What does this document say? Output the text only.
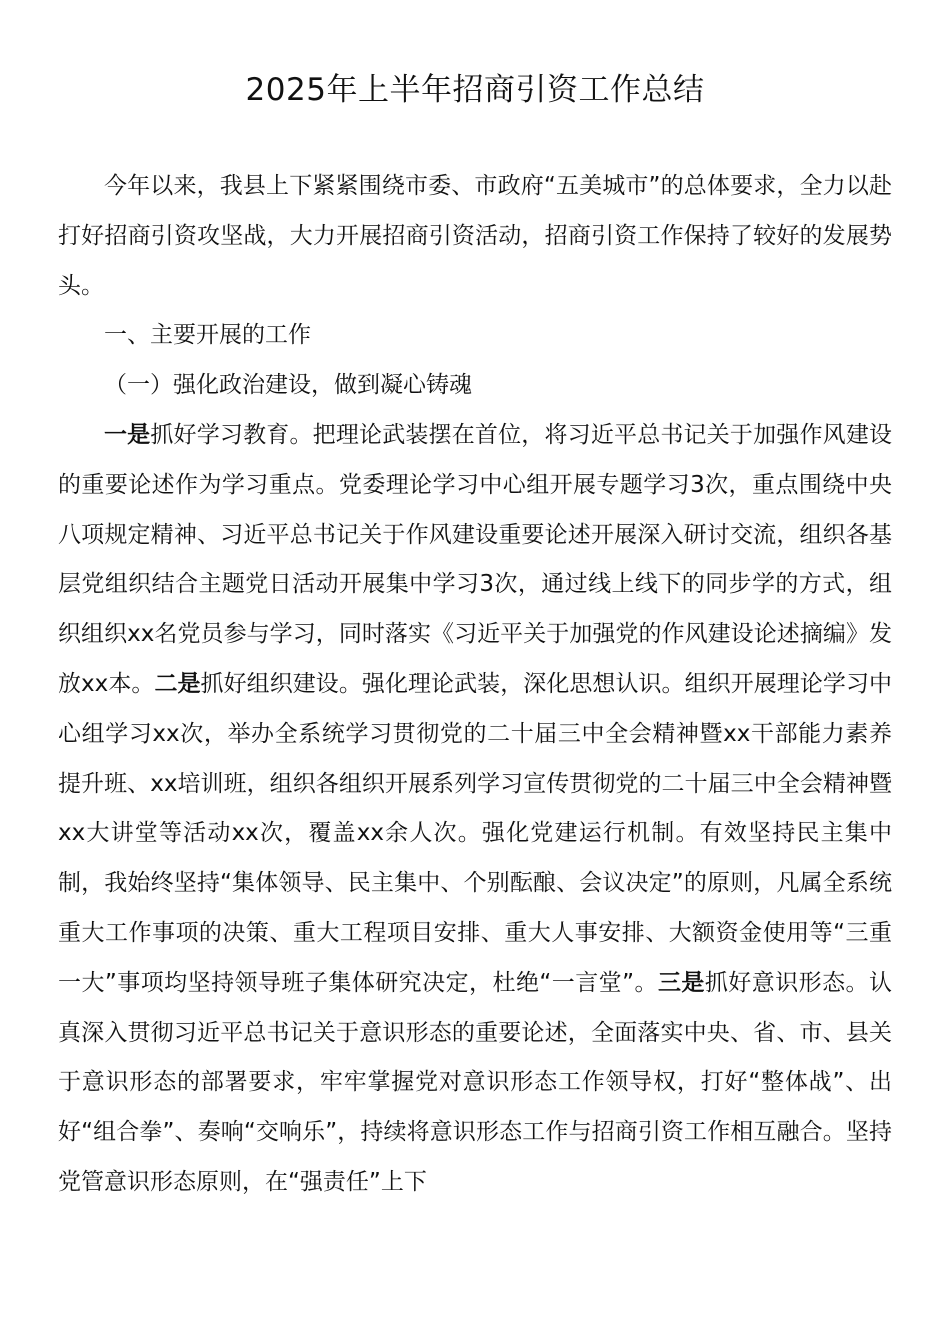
2025年上半年招商引资工作总结

今年以来，我县上下紧紧围绕市委、市政府“五美城市”的总体要求，全力以赴打好招商引资攻坚战，大力开展招商引资活动，招商引资工作保持了较好的发展势头。

一、主要开展的工作

（一）强化政治建设，做到凝心铸魂

一是抓好学习教育。把理论武装摆在首位，将习近平总书记关于加强作风建设的重要论述作为学习重点。党委理论学习中心组开展专题学习3次，重点围绕中央八项规定精神、习近平总书记关于作风建设重要论述开展深入研讨交流，组织各基层党组织结合主题党日活动开展集中学习3次，通过线上线下的同步学的方式，组织组织xx名党员参与学习，同时落实《习近平关于加强党的作风建设论述摘编》发放xx本。二是抓好组织建设。强化理论武装，深化思想认识。组织开展理论学习中心组学习xx次，举办全系统学习贯彻党的二十届三中全会精神暨xx干部能力素养提升班、xx培训班，组织各组织开展系列学习宣传贯彻党的二十届三中全会精神暨xx大讲堂等活动xx次，覆盖xx余人次。强化党建运行机制。有效坚持民主集中制，我始终坚持“集体领导、民主集中、个别酝酿、会议决定”的原则，凡属全系统重大工作事项的决策、重大工程项目安排、重大人事安排、大额资金使用等“三重一大”事项均坚持领导班子集体研究决定，杜绝“一言堂”。三是抓好意识形态。认真深入贯彻习近平总书记关于意识形态的重要论述，全面落实中央、省、市、县关于意识形态的部署要求，牢牢掌握党对意识形态工作领导权，打好“整体战”、出好“组合拳”、奏响“交响乐”，持续将意识形态工作与招商引资工作相互融合。坚持党管意识形态原则，在“强责任”上下
